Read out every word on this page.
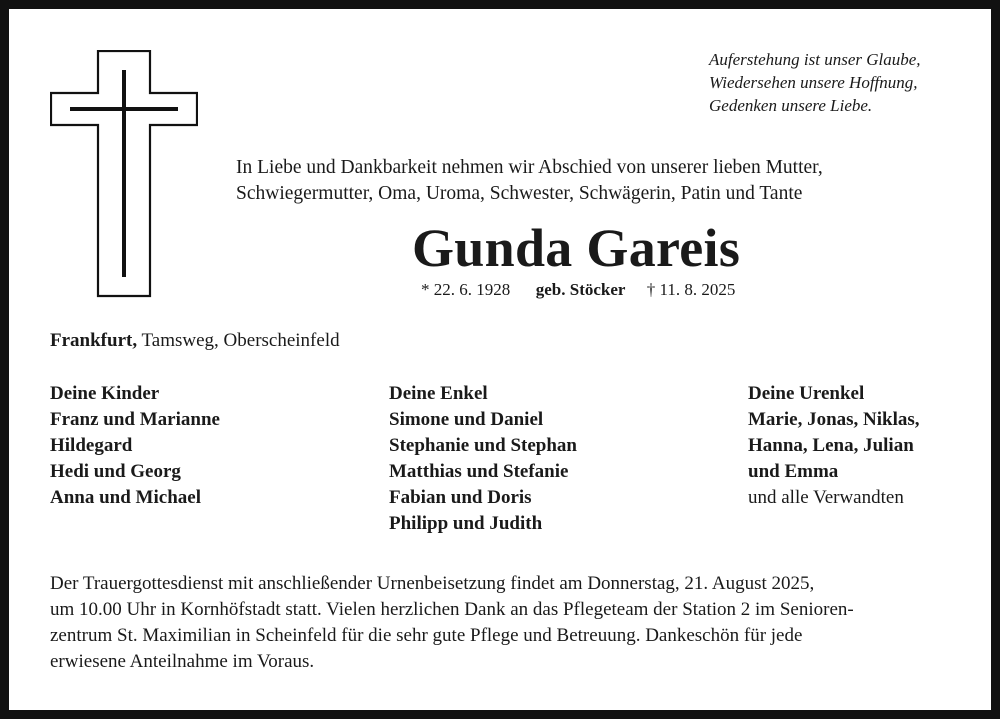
Auferstehung ist unser Glaube,
Wiedersehen unsere Hoffnung,
Gedenken unsere Liebe.
In Liebe und Dankbarkeit nehmen wir Abschied von unserer lieben Mutter,
Schwiegermutter, Oma, Uroma, Schwester, Schwägerin, Patin und Tante
Gunda Gareis
* 22. 6. 1928 geb. Stöcker † 11. 8. 2025
Frankfurt, Tamsweg, Oberscheinfeld
Deine Kinder
Franz und Marianne
Hildegard
Hedi und Georg
Anna und Michael
Deine Enkel
Simone und Daniel
Stephanie und Stephan
Matthias und Stefanie
Fabian und Doris
Philipp und Judith
Deine Urenkel
Marie, Jonas, Niklas,
Hanna, Lena, Julian
und Emma
und alle Verwandten
Der Trauergottesdienst mit anschließender Urnenbeisetzung findet am Donnerstag, 21. August 2025,
um 10.00 Uhr in Kornhöfstadt statt. Vielen herzlichen Dank an das Pflegeteam der Station 2 im Senioren-
zentrum St. Maximilian in Scheinfeld für die sehr gute Pflege und Betreuung. Dankeschön für jede
erwiesene Anteilnahme im Voraus.
